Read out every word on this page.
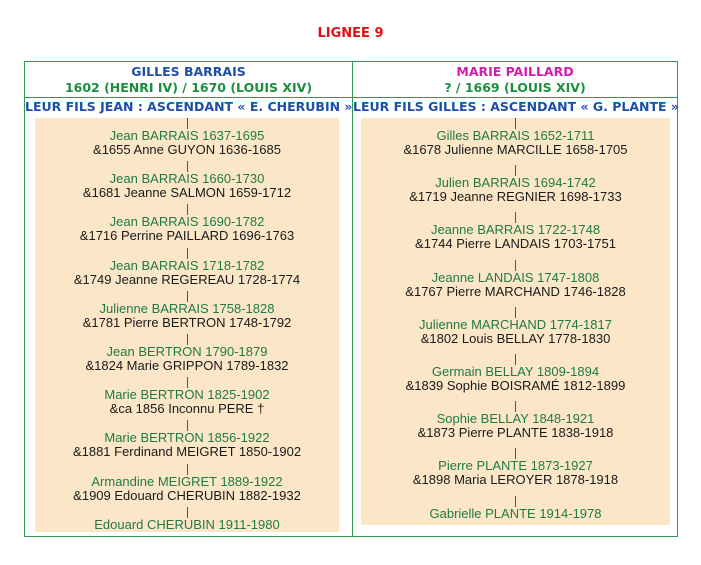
LIGNEE 9
GILLES BARRAIS
1602 (HENRI IV) / 1670 (LOUIS XIV)
LEUR FILS JEAN : ASCENDANT « E. CHERUBIN »
Jean BARRAIS 1637-1695
&1655 Anne GUYON 1636-1685
Jean BARRAIS 1660-1730
&1681 Jeanne SALMON 1659-1712
Jean BARRAIS 1690-1782
&1716 Perrine PAILLARD 1696-1763
Jean BARRAIS 1718-1782
&1749 Jeanne REGEREAU 1728-1774
Julienne BARRAIS 1758-1828
&1781 Pierre BERTRON 1748-1792
Jean BERTRON 1790-1879
&1824 Marie GRIPPON 1789-1832
Marie BERTRON 1825-1902
&ca 1856 Inconnu PERE †
Marie BERTRON 1856-1922
&1881 Ferdinand MEIGRET 1850-1902
Armandine MEIGRET 1889-1922
&1909 Edouard CHERUBIN 1882-1932
Edouard CHERUBIN 1911-1980
MARIE PAILLARD
? / 1669 (LOUIS XIV)
LEUR FILS GILLES : ASCENDANT « G. PLANTE »
Gilles BARRAIS 1652-1711
&1678 Julienne MARCILLE 1658-1705
Julien BARRAIS 1694-1742
&1719 Jeanne REGNIER 1698-1733
Jeanne BARRAIS 1722-1748
&1744 Pierre LANDAIS 1703-1751
Jeanne LANDAIS 1747-1808
&1767 Pierre MARCHAND 1746-1828
Julienne MARCHAND 1774-1817
&1802 Louis BELLAY 1778-1830
Germain BELLAY 1809-1894
&1839 Sophie BOISRAMÉ 1812-1899
Sophie BELLAY 1848-1921
&1873 Pierre PLANTE 1838-1918
Pierre PLANTE 1873-1927
&1898 Maria LEROYER 1878-1918
Gabrielle PLANTE 1914-1978
